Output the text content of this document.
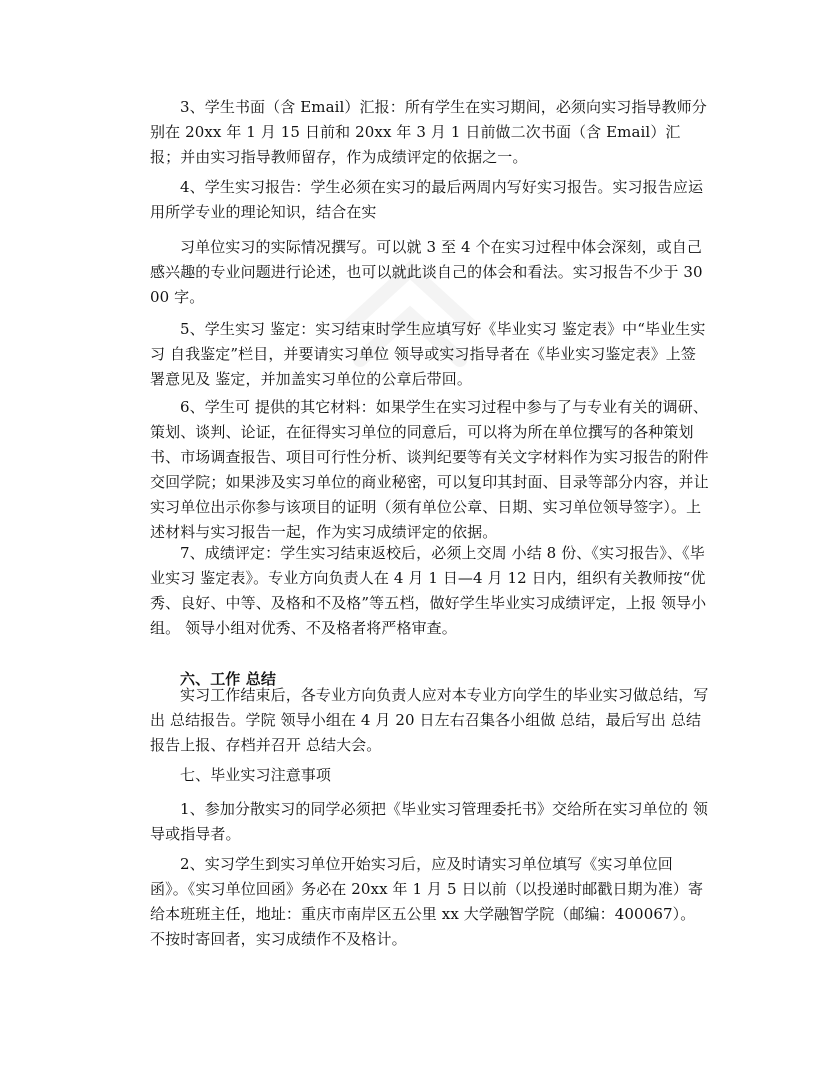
3、学生书面（含 Email）汇报：所有学生在实习期间，必须向实习指导教师分别在 20xx 年 1 月 15 日前和 20xx 年 3 月 1 日前做二次书面（含 Email）汇报；并由实习指导教师留存，作为成绩评定的依据之一。

4、学生实习报告：学生必须在实习的最后两周内写好实习报告。实习报告应运用所学专业的理论知识，结合在实

习单位实习的实际情况撰写。可以就 3 至 4 个在实习过程中体会深刻，或自己感兴趣的专业问题进行论述，也可以就此谈自己的体会和看法。实习报告不少于 3000 字。

5、学生实习 鉴定：实习结束时学生应填写好《毕业实习 鉴定表》中“毕业生实习 自我鉴定”栏目，并要请实习单位 领导或实习指导者在《毕业实习鉴定表》上签署意见及 鉴定，并加盖实习单位的公章后带回。

6、学生可 提供的其它材料：如果学生在实习过程中参与了与专业有关的调研、策划、谈判、论证，在征得实习单位的同意后，可以将为所在单位撰写的各种策划书、市场调查报告、项目可行性分析、谈判纪要等有关文字材料作为实习报告的附件交回学院；如果涉及实习单位的商业秘密，可以复印其封面、目录等部分内容，并让实习单位出示你参与该项目的证明（须有单位公章、日期、实习单位领导签字）。上述材料与实习报告一起，作为实习成绩评定的依据。

7、成绩评定：学生实习结束返校后，必须上交周 小结 8 份、《实习报告》、《毕业实习 鉴定表》。专业方向负责人在 4 月 1 日—4 月 12 日内，组织有关教师按“优秀、良好、中等、及格和不及格”等五档，做好学生毕业实习成绩评定，上报 领导小组。 领导小组对优秀、不及格者将严格审查。

六、工作 总结

实习工作结束后，各专业方向负责人应对本专业方向学生的毕业实习做总结，写出 总结报告。学院 领导小组在 4 月 20 日左右召集各小组做 总结，最后写出 总结报告上报、存档并召开 总结大会。

七、毕业实习注意事项

1、参加分散实习的同学必须把《毕业实习管理委托书》交给所在实习单位的 领导或指导者。

2、实习学生到实习单位开始实习后，应及时请实习单位填写《实习单位回函》。《实习单位回函》务必在 20xx 年 1 月 5 日以前（以投递时邮戳日期为准）寄给本班班主任，地址：重庆市南岸区五公里 xx 大学融智学院（邮编：400067）。不按时寄回者，实习成绩作不及格计。
